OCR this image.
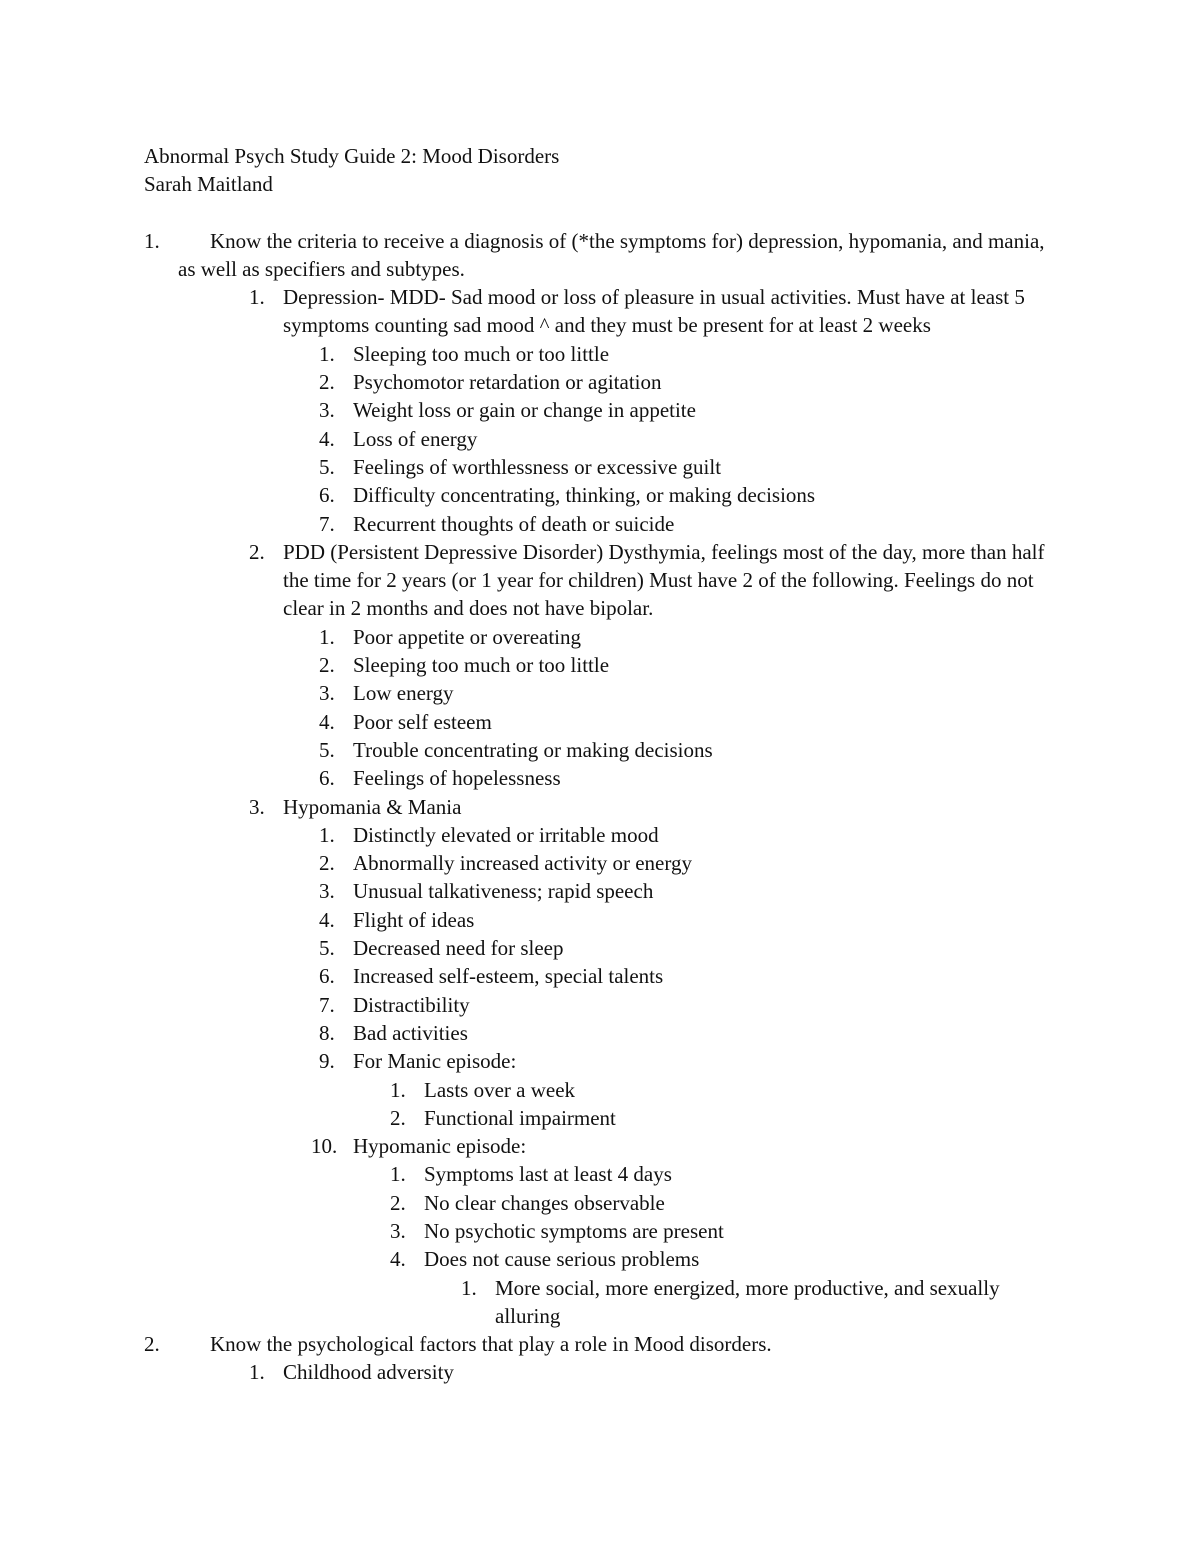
Abnormal Psych Study Guide 2: Mood Disorders
Sarah Maitland
1.	Know the criteria to receive a diagnosis of (*the symptoms for) depression, hypomania, and mania, as well as specifiers and subtypes.
1. Depression- MDD- Sad mood or loss of pleasure in usual activities. Must have at least 5 symptoms counting sad mood ^ and they must be present for at least 2 weeks
1. Sleeping too much or too little
2. Psychomotor retardation or agitation
3. Weight loss or gain or change in appetite
4. Loss of energy
5. Feelings of worthlessness or excessive guilt
6. Difficulty concentrating, thinking, or making decisions
7. Recurrent thoughts of death or suicide
2. PDD (Persistent Depressive Disorder) Dysthymia, feelings most of the day, more than half the time for 2 years (or 1 year for children) Must have 2 of the following. Feelings do not clear in 2 months and does not have bipolar.
1. Poor appetite or overeating
2. Sleeping too much or too little
3. Low energy
4. Poor self esteem
5. Trouble concentrating or making decisions
6. Feelings of hopelessness
3. Hypomania & Mania
1. Distinctly elevated or irritable mood
2. Abnormally increased activity or energy
3. Unusual talkativeness; rapid speech
4. Flight of ideas
5. Decreased need for sleep
6. Increased self-esteem, special talents
7. Distractibility
8. Bad activities
9. For Manic episode:
1. Lasts over a week
2. Functional impairment
10. Hypomanic episode:
1. Symptoms last at least 4 days
2. No clear changes observable
3. No psychotic symptoms are present
4. Does not cause serious problems
1. More social, more energized, more productive, and sexually alluring
2. Know the psychological factors that play a role in Mood disorders.
1. Childhood adversity
